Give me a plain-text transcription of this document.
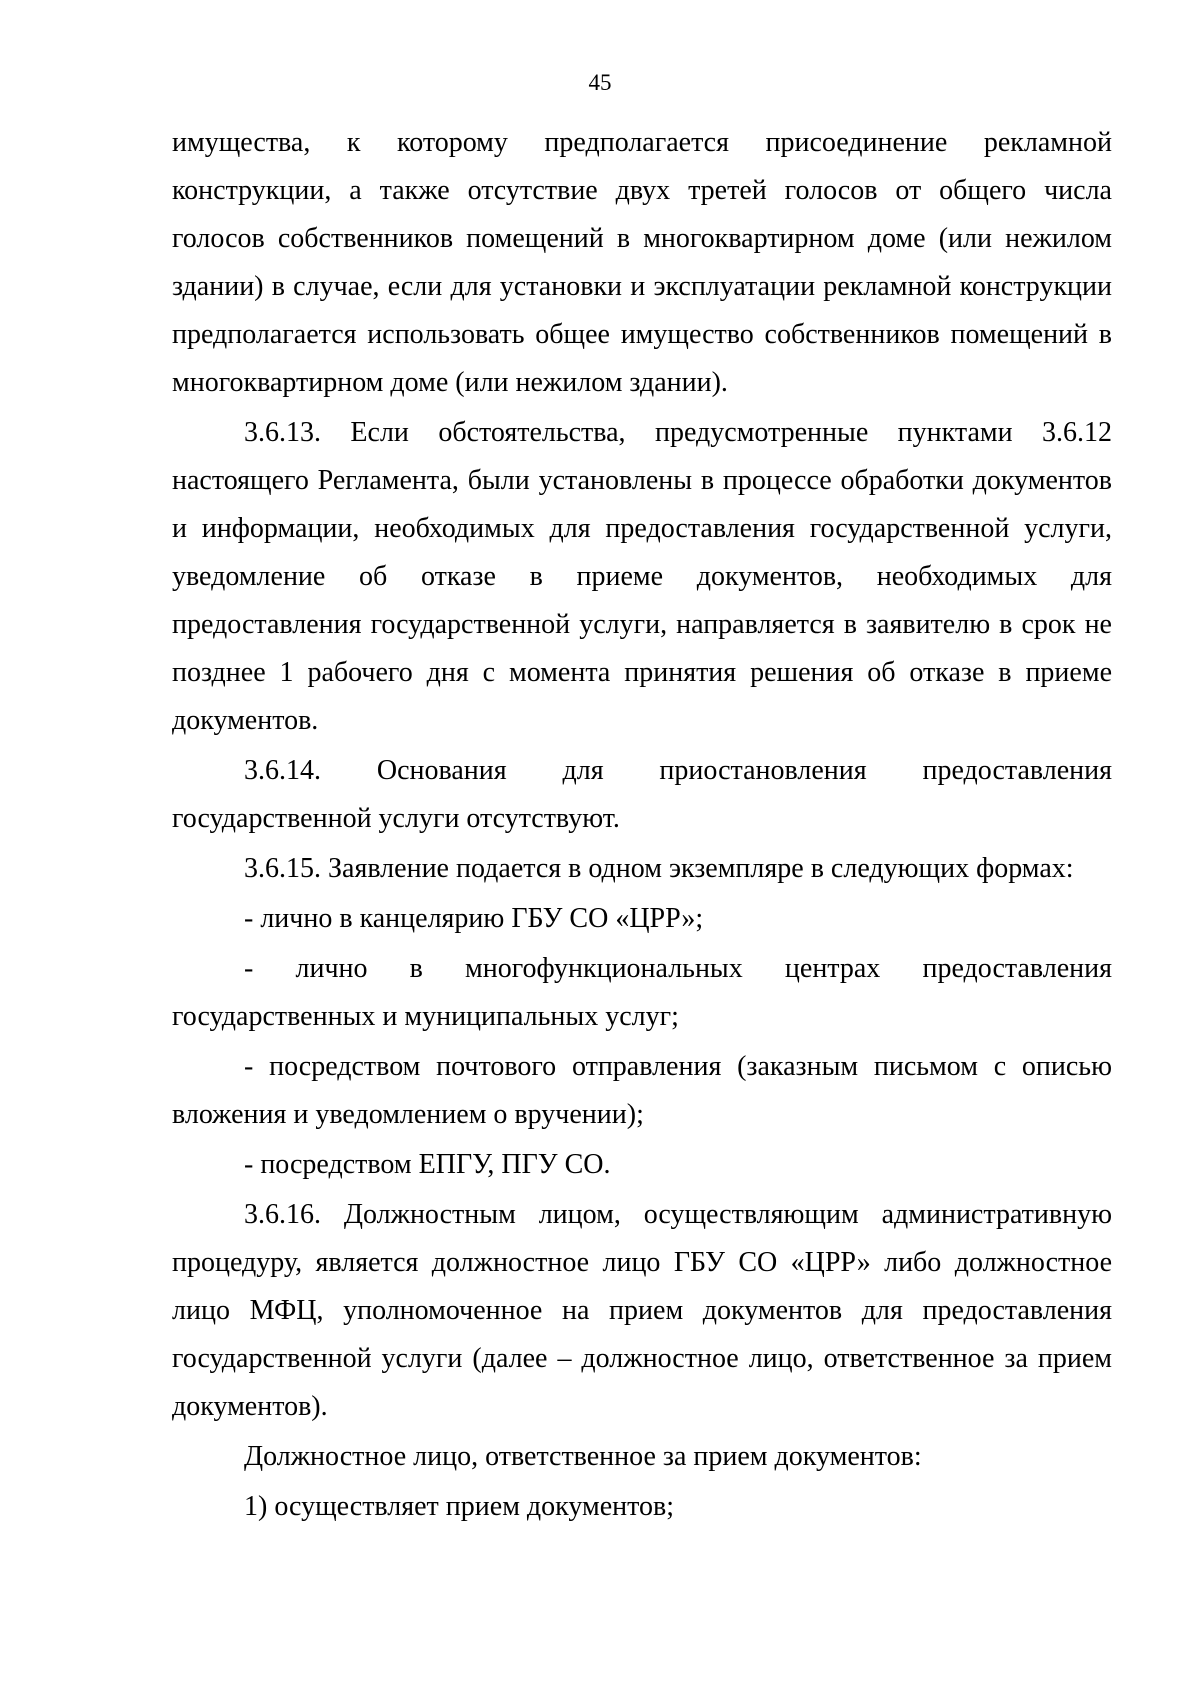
45

имущества, к которому предполагается присоединение рекламной конструкции, а также отсутствие двух третей голосов от общего числа голосов собственников помещений в многоквартирном доме (или нежилом здании) в случае, если для установки и эксплуатации рекламной конструкции предполагается использовать общее имущество собственников помещений в многоквартирном доме (или нежилом здании).

3.6.13. Если обстоятельства, предусмотренные пунктами 3.6.12 настоящего Регламента, были установлены в процессе обработки документов и информации, необходимых для предоставления государственной услуги, уведомление об отказе в приеме документов, необходимых для предоставления государственной услуги, направляется в заявителю в срок не позднее 1 рабочего дня с момента принятия решения об отказе в приеме документов.

3.6.14. Основания для приостановления предоставления государственной услуги отсутствуют.

3.6.15. Заявление подается в одном экземпляре в следующих формах:

- лично в канцелярию ГБУ СО «ЦРР»;

- лично в многофункциональных центрах предоставления государственных и муниципальных услуг;

- посредством почтового отправления (заказным письмом с описью вложения и уведомлением о вручении);

- посредством ЕПГУ, ПГУ СО.

3.6.16. Должностным лицом, осуществляющим административную процедуру, является должностное лицо ГБУ СО «ЦРР» либо должностное лицо МФЦ, уполномоченное на прием документов для предоставления государственной услуги (далее – должностное лицо, ответственное за прием документов).

Должностное лицо, ответственное за прием документов:

1) осуществляет прием документов;
